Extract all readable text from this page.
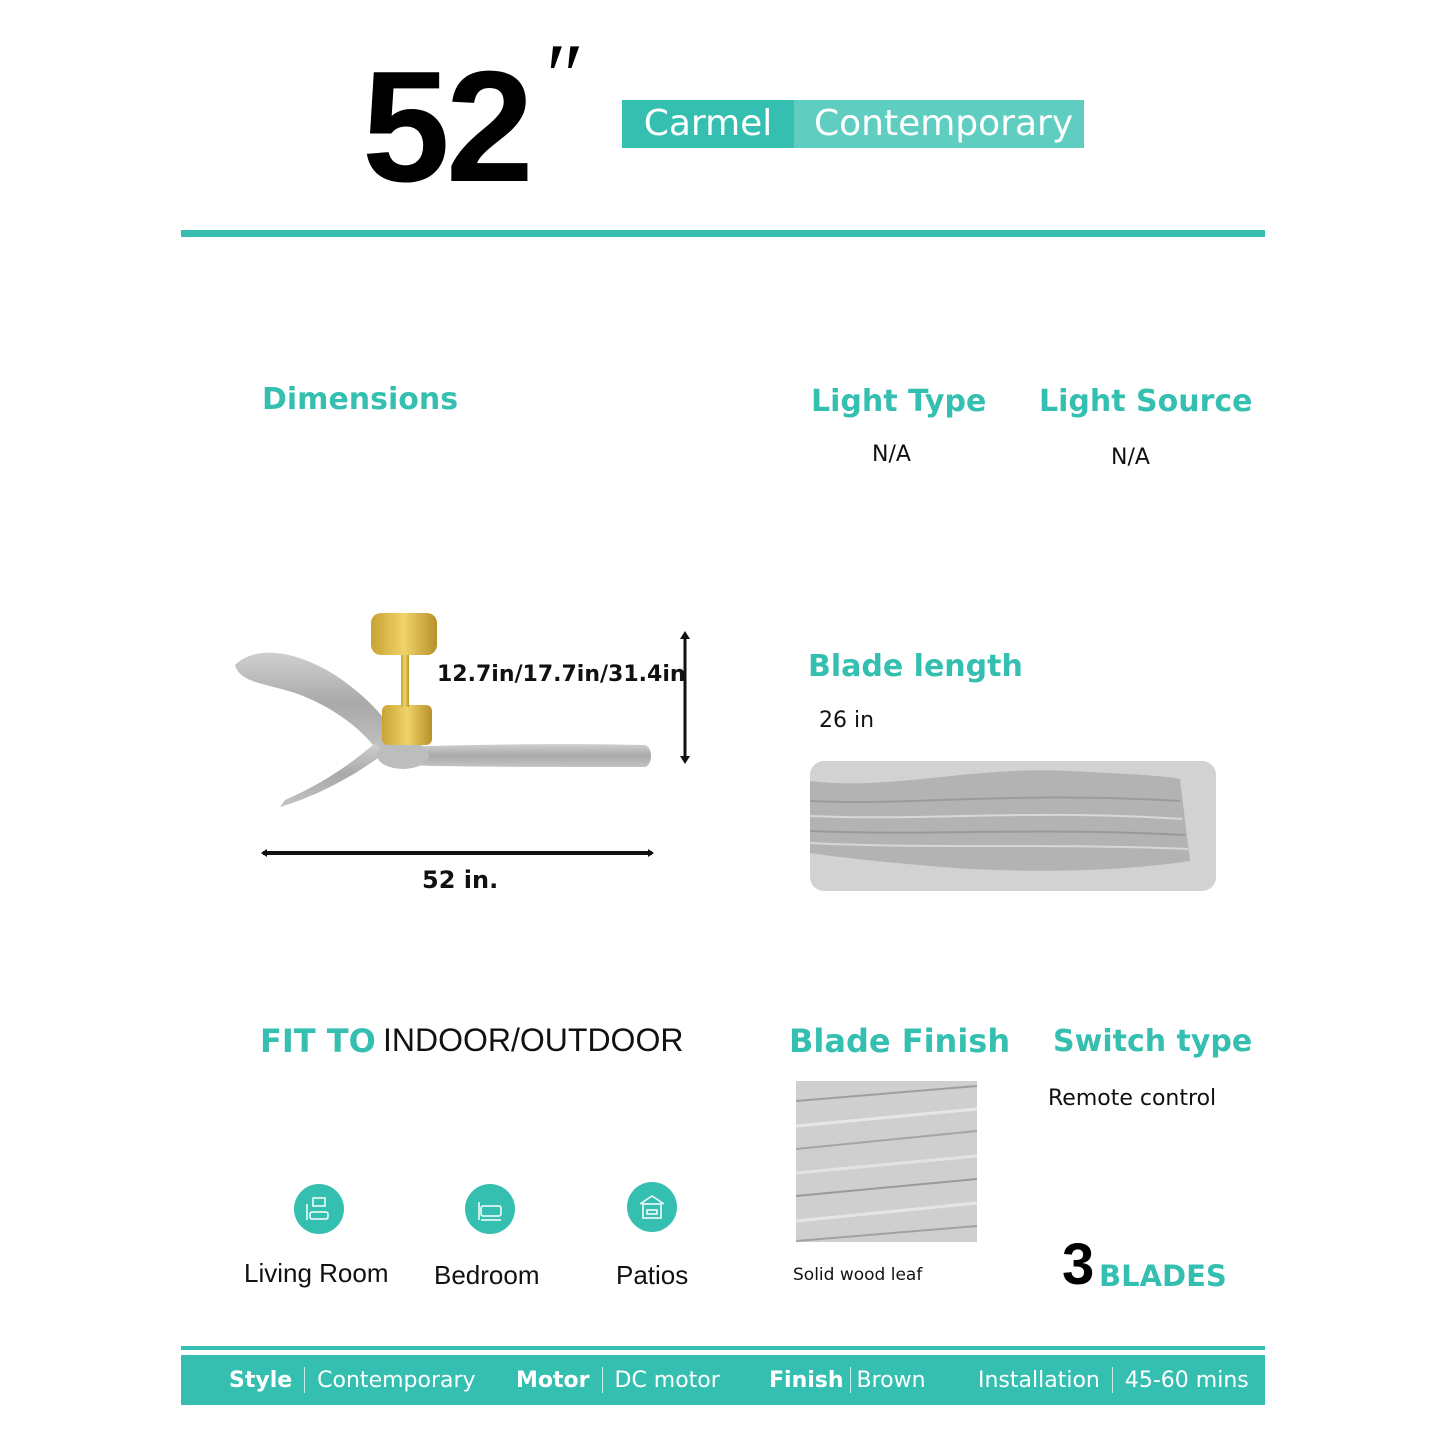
52 ″	Carmel	Contemporary
Dimensions
12.7in/17.7in/31.4in
52 in.
Light Type
N/A
Light Source
N/A
Blade length
26 in
FIT TO INDOOR/OUTDOOR
Living Room Bedroom	Patios
Blade Finish
Solid wood leaf
Switch type
Remote control
3 BLADES
Style Contemporary Motor DC motor Finish Brown Installation 45-60 mins
